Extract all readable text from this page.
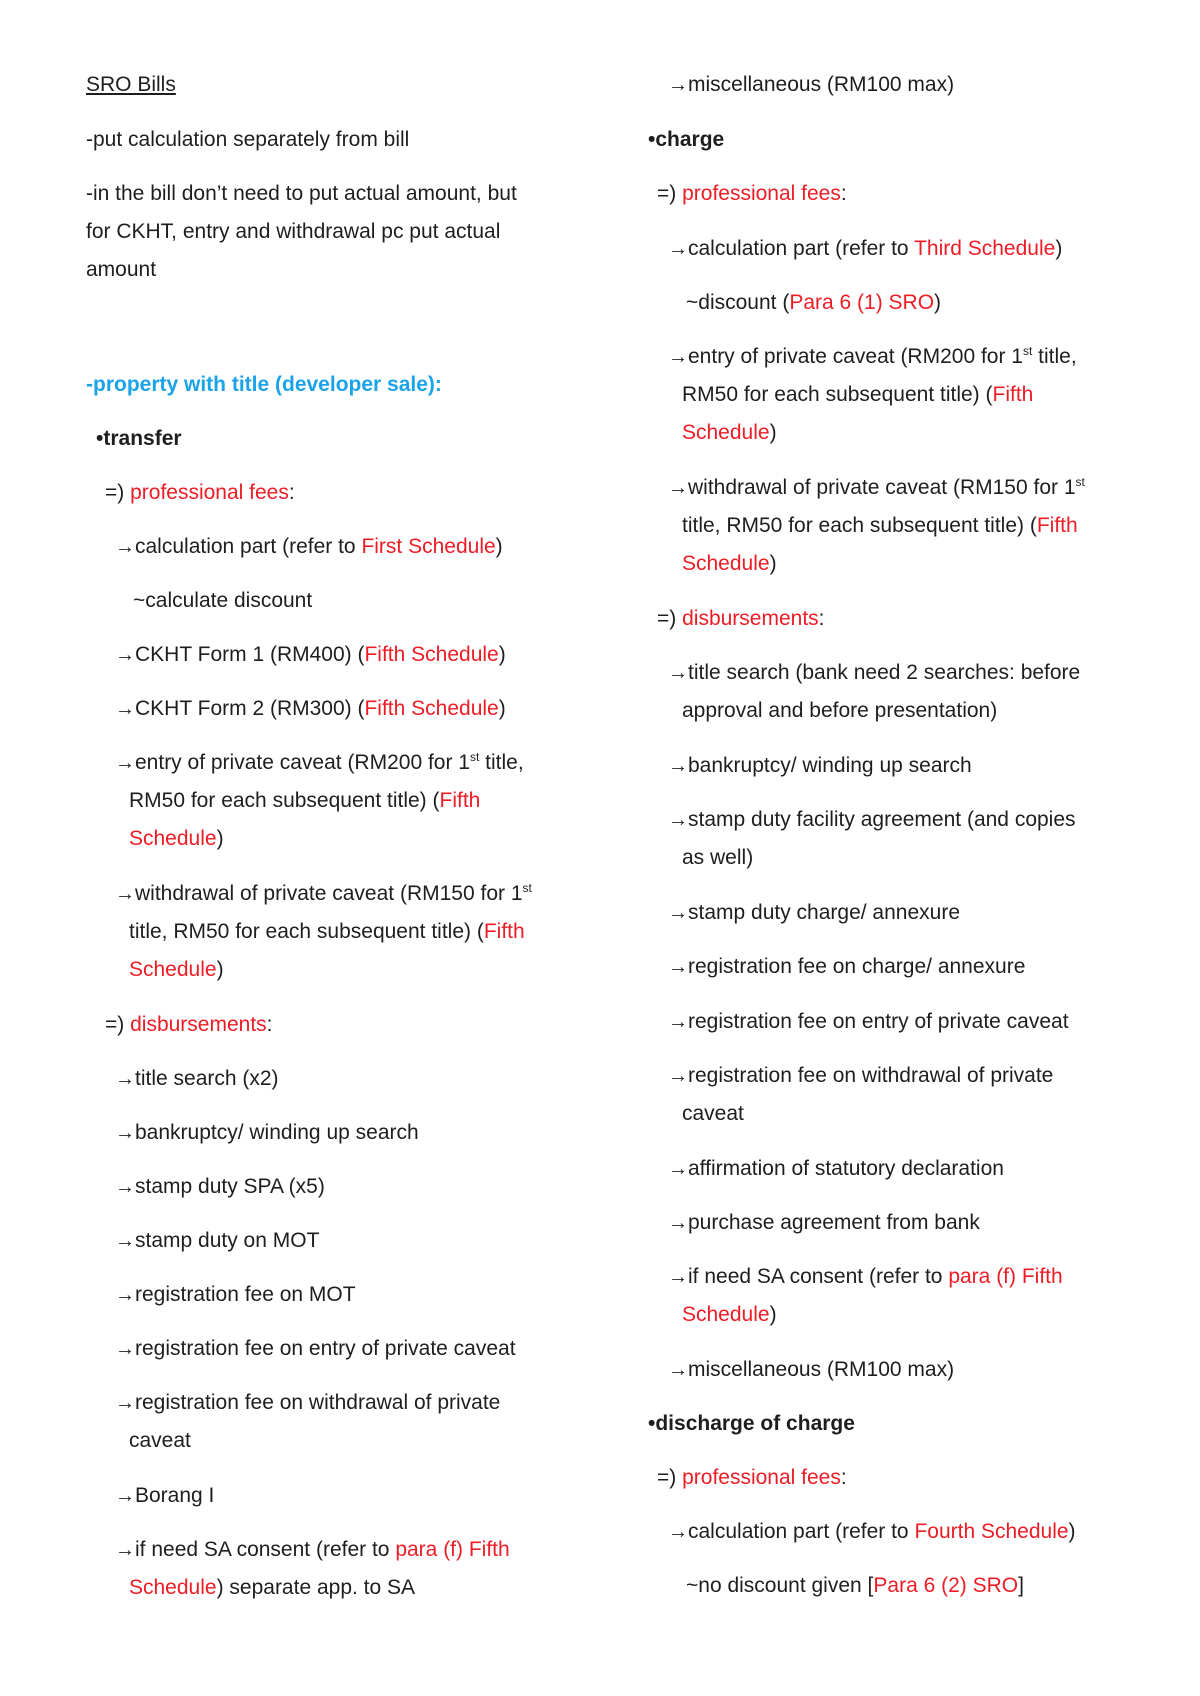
SRO Bills
-put calculation separately from bill
-in the bill don’t need to put actual amount, but
for CKHT, entry and withdrawal pc put actual
amount
-property with title (developer sale):
•transfer
=) professional fees:
→calculation part (refer to First Schedule)
~calculate discount
→CKHT Form 1 (RM400) (Fifth Schedule)
→CKHT Form 2 (RM300) (Fifth Schedule)
→entry of private caveat (RM200 for 1st title,
RM50 for each subsequent title) (Fifth
Schedule)
→withdrawal of private caveat (RM150 for 1st
title, RM50 for each subsequent title) (Fifth
Schedule)
=) disbursements:
→title search (x2)
→bankruptcy/ winding up search
→stamp duty SPA (x5)
→stamp duty on MOT
→registration fee on MOT
→registration fee on entry of private caveat
→registration fee on withdrawal of private
caveat
→Borang I
→if need SA consent (refer to para (f) Fifth
Schedule) separate app. to SA
→miscellaneous (RM100 max)
•charge
=) professional fees:
→calculation part (refer to Third Schedule)
~discount (Para 6 (1) SRO)
→entry of private caveat (RM200 for 1st title,
RM50 for each subsequent title) (Fifth
Schedule)
→withdrawal of private caveat (RM150 for 1st
title, RM50 for each subsequent title) (Fifth
Schedule)
=) disbursements:
→title search (bank need 2 searches: before
approval and before presentation)
→bankruptcy/ winding up search
→stamp duty facility agreement (and copies
as well)
→stamp duty charge/ annexure
→registration fee on charge/ annexure
→registration fee on entry of private caveat
→registration fee on withdrawal of private
caveat
→affirmation of statutory declaration
→purchase agreement from bank
→if need SA consent (refer to para (f) Fifth
Schedule)
→miscellaneous (RM100 max)
•discharge of charge
=) professional fees:
→calculation part (refer to Fourth Schedule)
~no discount given [Para 6 (2) SRO]
